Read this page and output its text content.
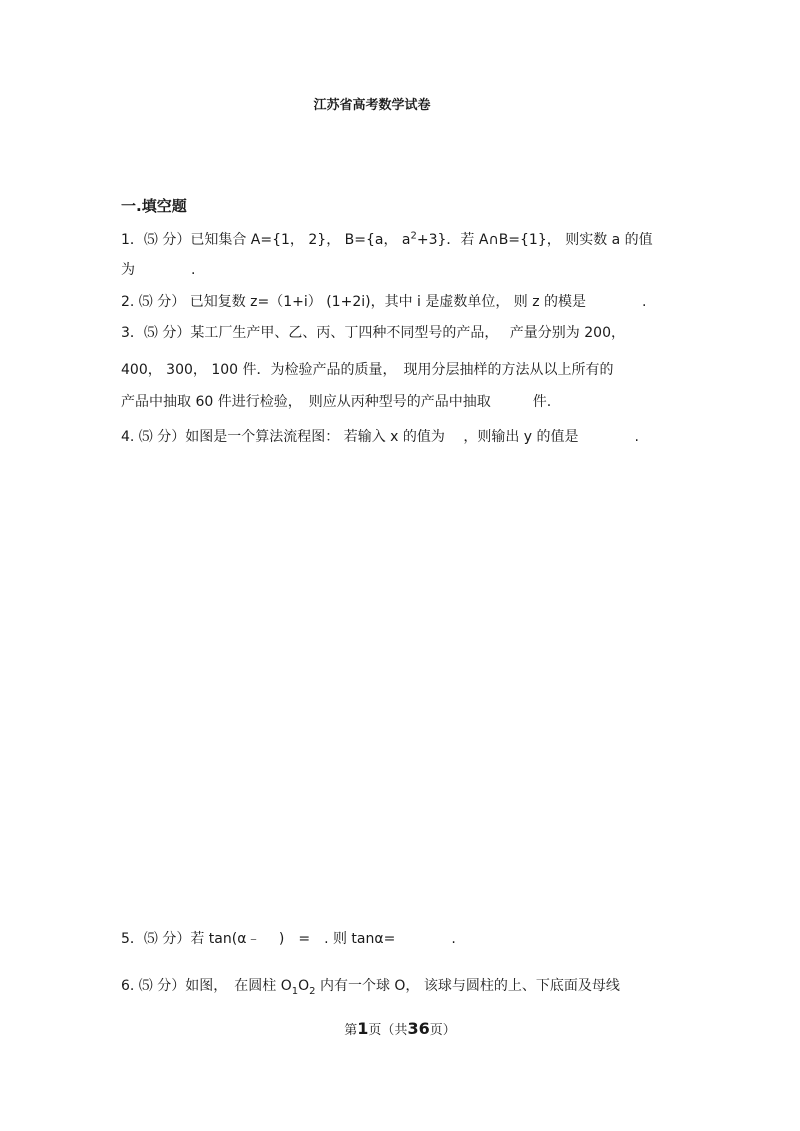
江苏省高考数学试卷
一.填空题
1．⑸ 分）已知集合 A={1， 2}， B={a， $a^2+3$}．若 A∩B={1}， 则实数 a 的值
为　　　　.
2. ⑸ 分） 已知复数 z=（1+i） (1+2i)，其中 i 是虚数单位， 则 z 的模是　　　　.
3．⑸ 分）某工厂生产甲、乙、丙、丁四种不同型号的产品，　 产量分别为 200，
400， 300， 100 件．为检验产品的质量，　现用分层抽样的方法从以上所有的
产品中抽取 60 件进行检验，　则应从丙种型号的产品中抽取　　　件.
4. ⑸ 分）如图是一个算法流程图： 若输入 x 的值为　 ，则输出 y 的值是　　　　.
5．⑸ 分）若 tan(α﹣　 )　=　. 则 tanα=　　　　.
6. ⑸ 分）如图，　在圆柱 $O_1O_2$ 内有一个球 O， 该球与圆柱的上、下底面及母线
第1页（共36页）
